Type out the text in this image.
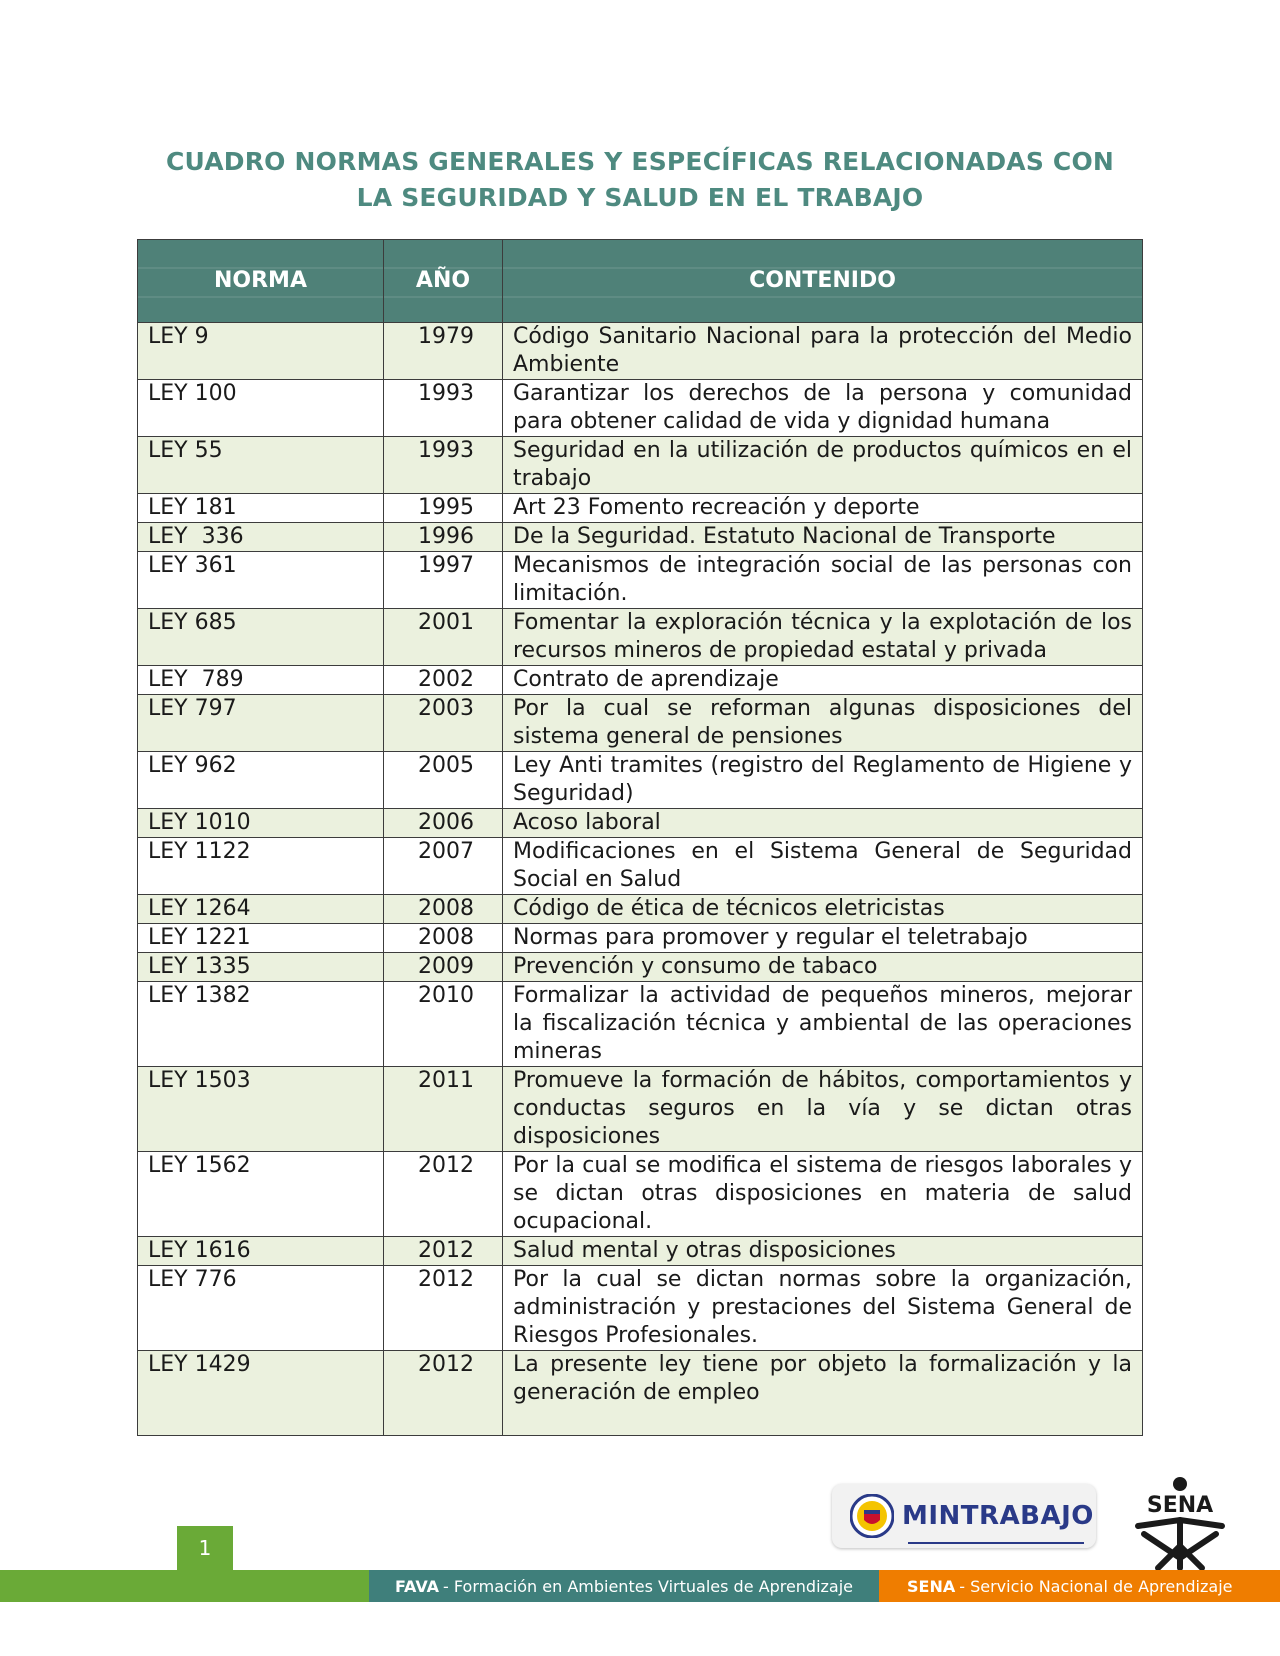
CUADRO NORMAS GENERALES Y ESPECÍFICAS RELACIONADAS CON
LA SEGURIDAD Y SALUD EN EL TRABAJO
NORMA	AÑO	CONTENIDO
LEY 9	1979	Código Sanitario Nacional para la protección del Medio Ambiente
LEY 100	1993	Garantizar los derechos de la persona y comunidad para obtener calidad de vida y dignidad humana
LEY 55	1993	Seguridad en la utilización de productos químicos en el trabajo
LEY 181	1995	Art 23 Fomento recreación y deporte
LEY  336	1996	De la Seguridad. Estatuto Nacional de Transporte
LEY 361	1997	Mecanismos de integración social de las personas con limitación.
LEY 685	2001	Fomentar la exploración técnica y la explotación de los recursos mineros de propiedad estatal y privada
LEY  789	2002	Contrato de aprendizaje
LEY 797	2003	Por la cual se reforman algunas disposiciones del sistema general de pensiones
LEY 962	2005	Ley Anti tramites (registro del Reglamento de Higiene y Seguridad)
LEY 1010	2006	Acoso laboral
LEY 1122	2007	Modificaciones en el Sistema General de Seguridad Social en Salud
LEY 1264	2008	Código de ética de técnicos eletricistas
LEY 1221	2008	Normas para promover y regular el teletrabajo
LEY 1335	2009	Prevención y consumo de tabaco
LEY 1382	2010	Formalizar la actividad de pequeños mineros, mejorar la fiscalización técnica y ambiental de las operaciones mineras
LEY 1503	2011	Promueve la formación de hábitos, comportamientos y conductas seguros en la vía y se dictan otras disposiciones
LEY 1562	2012	Por la cual se modifica el sistema de riesgos laborales y se dictan otras disposiciones en materia de salud ocupacional.
LEY 1616	2012	Salud mental y otras disposiciones
LEY 776	2012	Por la cual se dictan normas sobre la organización, administración y prestaciones del Sistema General de Riesgos Profesionales.
LEY 1429	2012	La presente ley tiene por objeto la formalización y la generación de empleo
MINTRABAJO SENA
1
FAVA - Formación en Ambientes Virtuales de Aprendizaje	SENA - Servicio Nacional de Aprendizaje
